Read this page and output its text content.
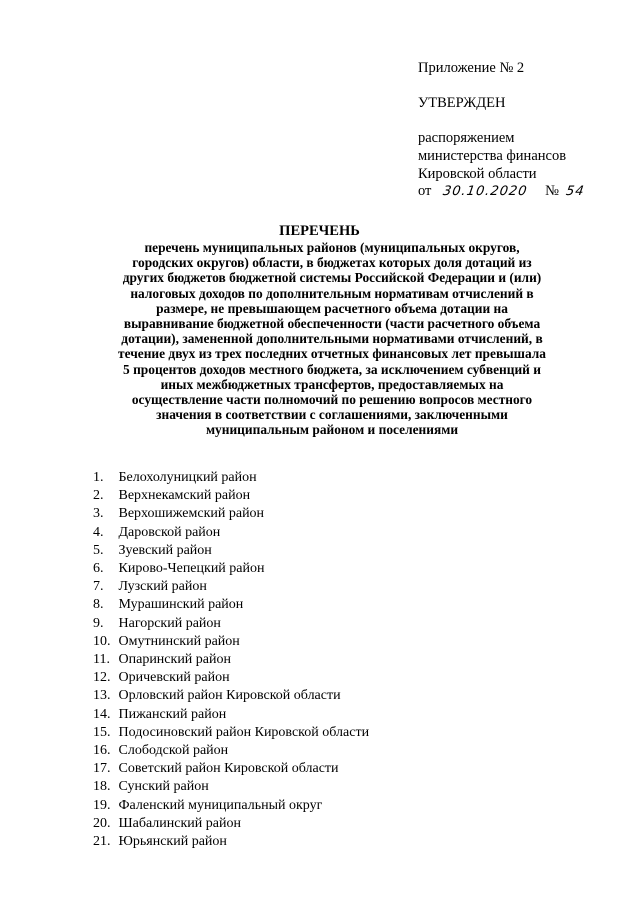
Приложение № 2
УТВЕРЖДЕН
распоряжением
министерства финансов
Кировской области
от 30.10.2020 № 54
ПЕРЕЧЕНЬ
перечень муниципальных районов (муниципальных округов,
городских округов) области, в бюджетах которых доля дотаций из
других бюджетов бюджетной системы Российской Федерации и (или)
налоговых доходов по дополнительным нормативам отчислений в
размере, не превышающем расчетного объема дотации на
выравнивание бюджетной обеспеченности (части расчетного объема
дотации), замененной дополнительными нормативами отчислений, в
течение двух из трех последних отчетных финансовых лет превышала
5 процентов доходов местного бюджета, за исключением субвенций и
иных межбюджетных трансфертов, предоставляемых на
осуществление части полномочий по решению вопросов местного
значения в соответствии с соглашениями, заключенными
муниципальным районом и поселениями
1. Белохолуницкий район
2. Верхнекамский район
3. Верхошижемский район
4. Даровской район
5. Зуевский район
6. Кирово-Чепецкий район
7. Лузский район
8. Мурашинский район
9. Нагорский район
10. Омутнинский район
11. Опаринский район
12. Оричевский район
13. Орловский район Кировской области
14. Пижанский район
15. Подосиновский район Кировской области
16. Слободской район
17. Советский район Кировской области
18. Сунский район
19. Фаленский муниципальный округ
20. Шабалинский район
21. Юрьянский район
